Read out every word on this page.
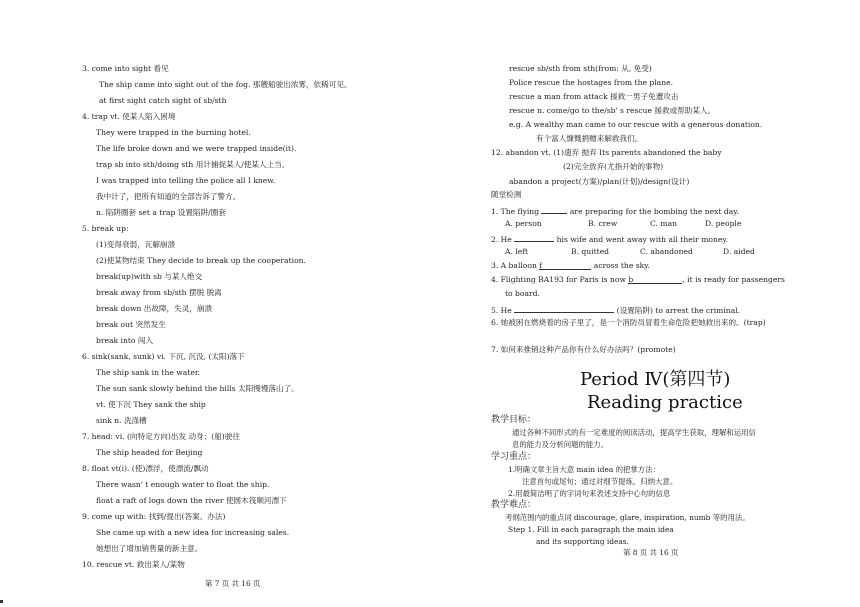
3. come into sight 看见
The ship came into sight out of the fog. 那艘船驶出浓雾，依稀可见。
at first sight catch sight of sb/sth
4. trap vt. 使某人陷入困境
They were trapped in the burning hotel.
The life broke down and we were trapped inside(it).
trap sb into sth/doing sth 用计捕捉某人/使某人上当。
I was trapped into telling the police all I knew.
我中计了，把所有知道的全部告诉了警方。
n. 陷阱圈套 set a trap 设置陷阱/圈套
5. break up:
(1)变得衰弱，瓦解崩溃
(2)使某物结束 They decide to break up the cooperation.
break(up)with sb 与某人绝交
break away from sb/sth 摆脱 脱离
break down 出故障，失灵，崩溃
break out 突然发生
break into 闯入
6. sink(sank, sunk) vi. 下沉, 沉没, (太阳)落下
The ship sank in the water.
The sun sank slowly behind the hills 太阳慢慢落山了。
vt. 使下沉 They sank the ship
sink n. 洗涤槽
7. head: vi. (向特定方向)出发 动身；(船)驶往
The ship headed for Beijing
8. float vt(i). (使)漂浮，使漂流/飘动
There wasn' t enough water to float the ship.
float a raft of logs down the river 使圆木筏顺河漂下
9. come up with: 找到/提出(答案、办法)
She came up with a new idea for increasing sales.
她想出了增加销售量的新主意。
10. rescue vt. 救出某人/某物
第 7 页 共 16 页
rescue sb/sth from sth(from: 从, 免受)
Police rescue the hostages from the plane.
rescue a man from attack 援救一男子免遭攻击
rescue n. come/go to the/sb' s rescue 援救或帮助某人。
e.g. A wealthy man came to our rescue with a generous donation.
有个富人慷慨捐赠来解救我们。
12. abandon vt. (1)遗弃 抛弃 Its parents abandoned the baby
(2)完全放弃(尤指开始的事物)
abandon a project(方案)/plan(计划)/design(设计)
随堂检测
1. The flying	are preparing for the bombing the next day.
A. person	B. crew	C. man	D. people
2. He	his wife and went away with all their money.
A. left	B. quitted	C. abandoned	D. aided
3. A balloon f	across the sky.
4. Flighting BA193 for Paris is now b	, it is ready for passengers
to board.
5. He	(设置陷阱) to arrest the criminal.
6. 她被困在燃烧着的房子里了，是一个消防员冒着生命危险把她救出来的。(trap)
7. 如何来推销这种产品你有什么好办法吗？(promote)
Period Ⅳ(第四节)
Reading practice
教学目标：
通过各种不同形式的有一定难度的阅读活动，提高学生获取，理解和运用信
息的能力及分析问题的能力。
学习重点：
1.明确文章主旨大意 main idea 的把掌方法：
注意首句或尾句；通过对细节提炼，归纳大意。
2.用最简洁明了的字词句来表述支持中心句的信息
教学难点：
考纲范围内的重点词 discourage, glare, inspiration, numb 等的用法。
Step 1. Fill in each paragraph the main idea
and its supporting ideas.
第 8 页 共 16 页
